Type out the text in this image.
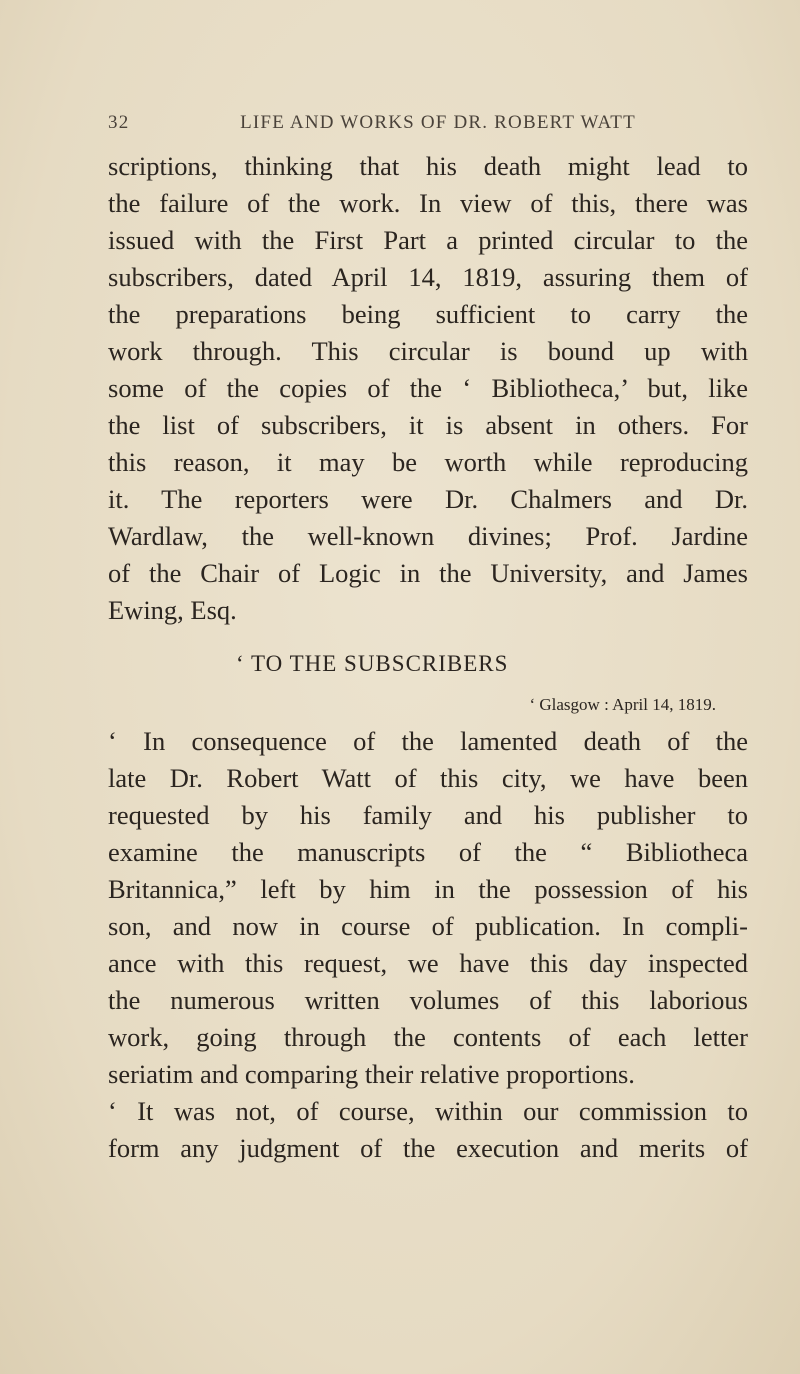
32	LIFE AND WORKS OF DR. ROBERT WATT
scriptions, thinking that his death might lead to
the failure of the work. In view of this, there was
issued with the First Part a printed circular to the
subscribers, dated April 14, 1819, assuring them of
the preparations being sufficient to carry the
work through. This circular is bound up with
some of the copies of the ‘ Bibliotheca,’ but, like
the list of subscribers, it is absent in others. For
this reason, it may be worth while reproducing
it. The reporters were Dr. Chalmers and Dr.
Wardlaw, the well-known divines; Prof. Jardine
of the Chair of Logic in the University, and James
Ewing, Esq.
‘ TO THE SUBSCRIBERS
‘ Glasgow : April 14, 1819.
‘ In consequence of the lamented death of the
late Dr. Robert Watt of this city, we have been
requested by his family and his publisher to
examine the manuscripts of the “ Bibliotheca
Britannica,” left by him in the possession of his
son, and now in course of publication. In compli-
ance with this request, we have this day inspected
the numerous written volumes of this laborious
work, going through the contents of each letter
seriatim and comparing their relative proportions.
‘ It was not, of course, within our commission to
form any judgment of the execution and merits of
